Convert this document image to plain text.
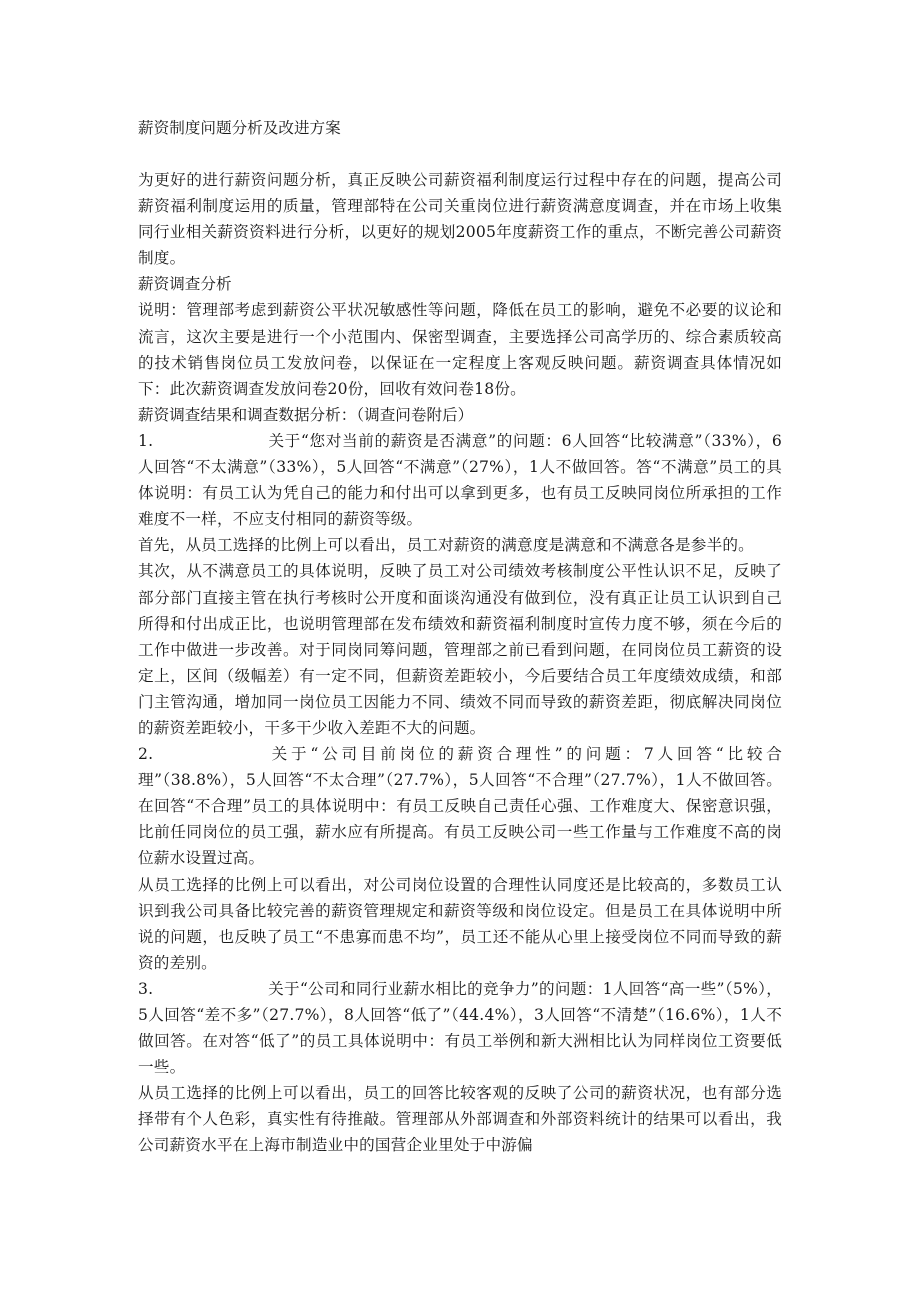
薪资制度问题分析及改进方案

为更好的进行薪资问题分析，真正反映公司薪资福利制度运行过程中存在的问题，提高公司薪资福利制度运用的质量，管理部特在公司关重岗位进行薪资满意度调查，并在市场上收集同行业相关薪资资料进行分析，以更好的规划2005年度薪资工作的重点，不断完善公司薪资制度。

薪资调查分析

说明：管理部考虑到薪资公平状况敏感性等问题，降低在员工的影响，避免不必要的议论和流言，这次主要是进行一个小范围内、保密型调查，主要选择公司高学历的、综合素质较高的技术销售岗位员工发放问卷，以保证在一定程度上客观反映问题。薪资调查具体情况如下：此次薪资调查发放问卷20份，回收有效问卷18份。

薪资调查结果和调查数据分析：（调查问卷附后）

1.	关于“您对当前的薪资是否满意”的问题：6人回答“比较满意”（33%），6人回答“不太满意”（33%），5人回答“不满意”（27%），1人不做回答。答“不满意”员工的具体说明：有员工认为凭自己的能力和付出可以拿到更多，也有员工反映同岗位所承担的工作难度不一样，不应支付相同的薪资等级。

首先，从员工选择的比例上可以看出，员工对薪资的满意度是满意和不满意各是参半的。

其次，从不满意员工的具体说明，反映了员工对公司绩效考核制度公平性认识不足，反映了部分部门直接主管在执行考核时公开度和面谈沟通没有做到位，没有真正让员工认识到自己所得和付出成正比，也说明管理部在发布绩效和薪资福利制度时宣传力度不够，须在今后的工作中做进一步改善。对于同岗同筹问题，管理部之前已看到问题，在同岗位员工薪资的设定上，区间（级幅差）有一定不同，但薪资差距较小，今后要结合员工年度绩效成绩，和部门主管沟通，增加同一岗位员工因能力不同、绩效不同而导致的薪资差距，彻底解决同岗位的薪资差距较小，干多干少收入差距不大的问题。

2.	关于“公司目前岗位的薪资合理性”的问题：7人回答“比较合理”（38.8%），5人回答“不太合理”（27.7%），5人回答“不合理”（27.7%），1人不做回答。在回答“不合理”员工的具体说明中：有员工反映自己责任心强、工作难度大、保密意识强，比前任同岗位的员工强，薪水应有所提高。有员工反映公司一些工作量与工作难度不高的岗位薪水设置过高。

从员工选择的比例上可以看出，对公司岗位设置的合理性认同度还是比较高的，多数员工认识到我公司具备比较完善的薪资管理规定和薪资等级和岗位设定。但是员工在具体说明中所说的问题，也反映了员工“不患寡而患不均”，员工还不能从心里上接受岗位不同而导致的薪资的差别。

3.	关于“公司和同行业薪水相比的竞争力”的问题：1人回答“高一些”（5%），5人回答“差不多”（27.7%），8人回答“低了”（44.4%），3人回答“不清楚”（16.6%），1人不做回答。在对答“低了”的员工具体说明中：有员工举例和新大洲相比认为同样岗位工资要低一些。

从员工选择的比例上可以看出，员工的回答比较客观的反映了公司的薪资状况，也有部分选择带有个人色彩，真实性有待推敲。管理部从外部调查和外部资料统计的结果可以看出，我公司薪资水平在上海市制造业中的国营企业里处于中游偏
